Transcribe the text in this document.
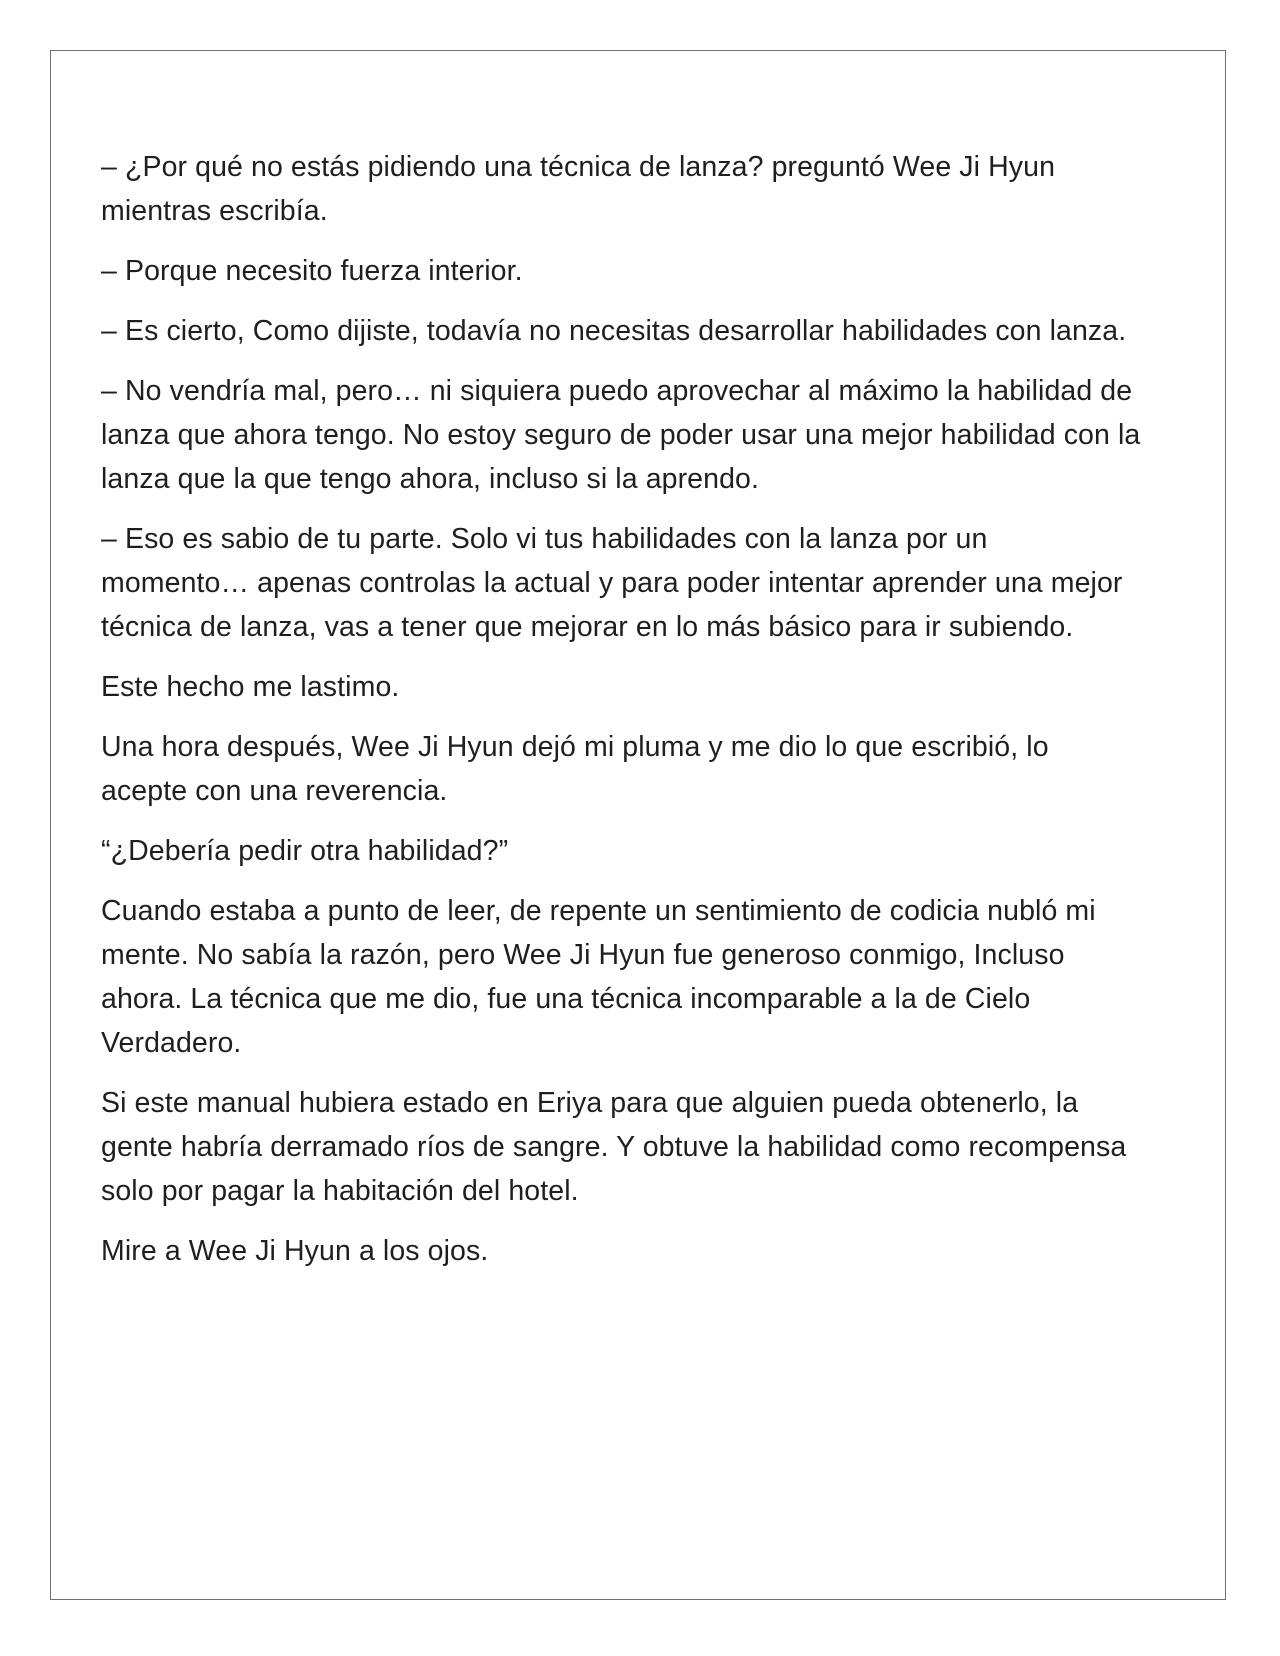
– ¿Por qué no estás pidiendo una técnica de lanza? preguntó Wee Ji Hyun mientras escribía.

– Porque necesito fuerza interior.

– Es cierto, Como dijiste, todavía no necesitas desarrollar habilidades con lanza.

– No vendría mal, pero… ni siquiera puedo aprovechar al máximo la habilidad de lanza que ahora tengo. No estoy seguro de poder usar una mejor habilidad con la lanza que la que tengo ahora, incluso si la aprendo.

– Eso es sabio de tu parte. Solo vi tus habilidades con la lanza por un momento… apenas controlas la actual y para poder intentar aprender una mejor técnica de lanza, vas a tener que mejorar en lo más básico para ir subiendo.

Este hecho me lastimo.

Una hora después, Wee Ji Hyun dejó mi pluma y me dio lo que escribió, lo acepte con una reverencia.

“¿Debería pedir otra habilidad?”

Cuando estaba a punto de leer, de repente un sentimiento de codicia nubló mi mente. No sabía la razón, pero Wee Ji Hyun fue generoso conmigo, Incluso ahora. La técnica que me dio, fue una técnica incomparable a la de Cielo Verdadero.

Si este manual hubiera estado en Eriya para que alguien pueda obtenerlo, la gente habría derramado ríos de sangre. Y obtuve la habilidad como recompensa solo por pagar la habitación del hotel.

Mire a Wee Ji Hyun a los ojos.
